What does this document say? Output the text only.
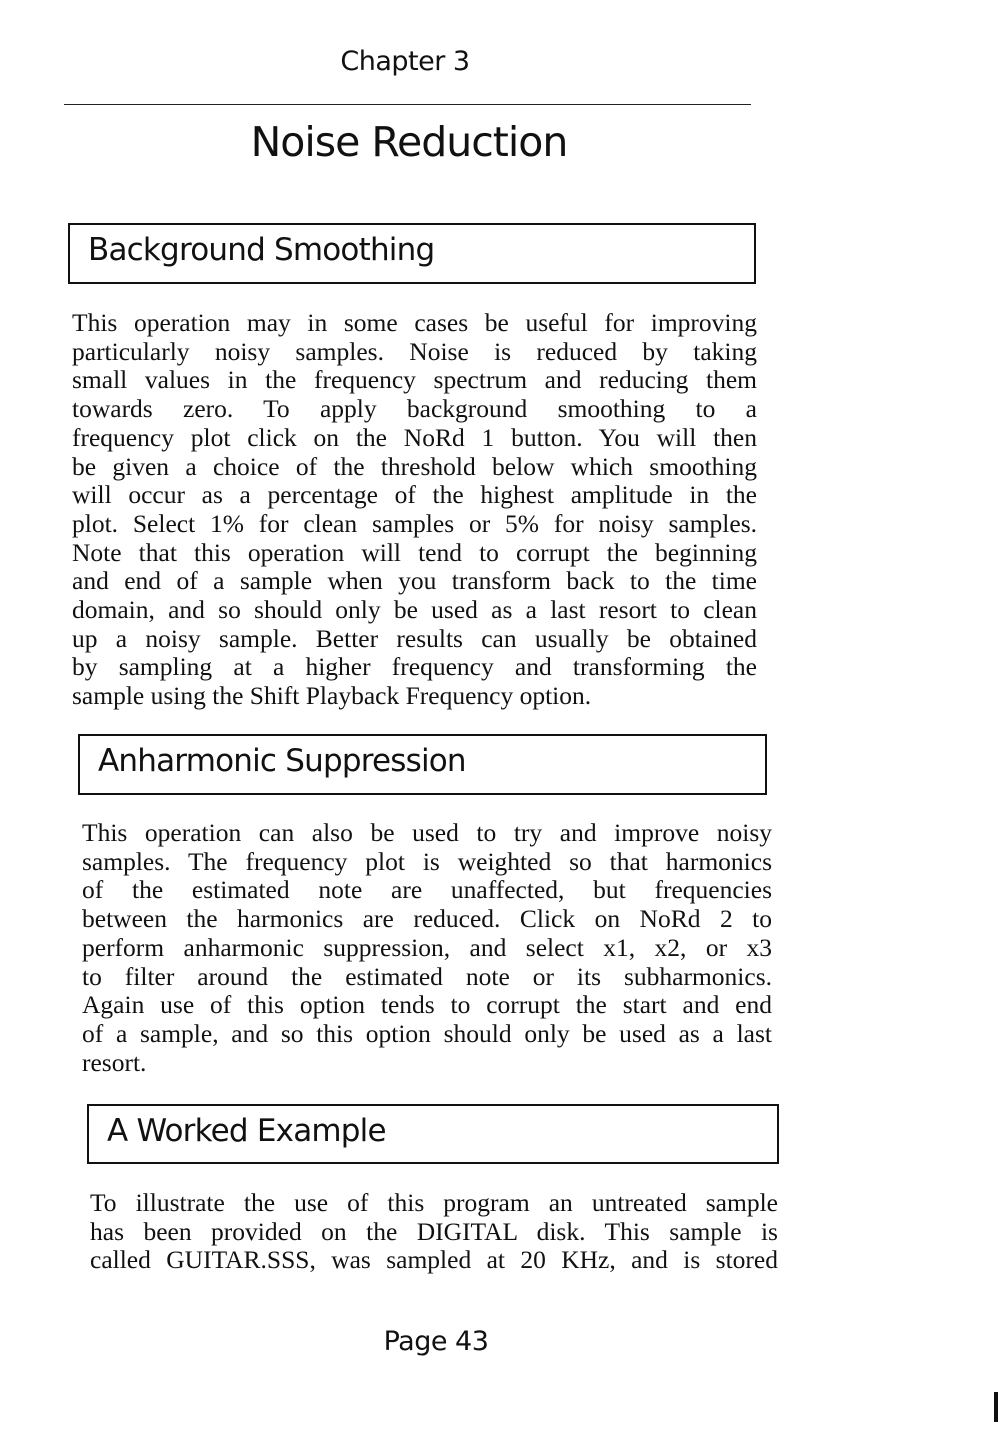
Chapter 3
Noise Reduction
Background Smoothing
This operation may in some cases be useful for improving
particularly noisy samples. Noise is reduced by taking
small values in the frequency spectrum and reducing them
towards zero. To apply background smoothing to a
frequency plot click on the NoRd 1 button. You will then
be given a choice of the threshold below which smoothing
will occur as a percentage of the highest amplitude in the
plot. Select 1% for clean samples or 5% for noisy samples.
Note that this operation will tend to corrupt the beginning
and end of a sample when you transform back to the time
domain, and so should only be used as a last resort to clean
up a noisy sample. Better results can usually be obtained
by sampling at a higher frequency and transforming the
sample using the Shift Playback Frequency option.
Anharmonic Suppression
This operation can also be used to try and improve noisy
samples. The frequency plot is weighted so that harmonics
of the estimated note are unaffected, but frequencies
between the harmonics are reduced. Click on NoRd 2 to
perform anharmonic suppression, and select x1, x2, or x3
to filter around the estimated note or its subharmonics.
Again use of this option tends to corrupt the start and end
of a sample, and so this option should only be used as a last
resort.
A Worked Example
To illustrate the use of this program an untreated sample
has been provided on the DIGITAL disk. This sample is
called GUITAR.SSS, was sampled at 20 KHz, and is stored
Page 43
